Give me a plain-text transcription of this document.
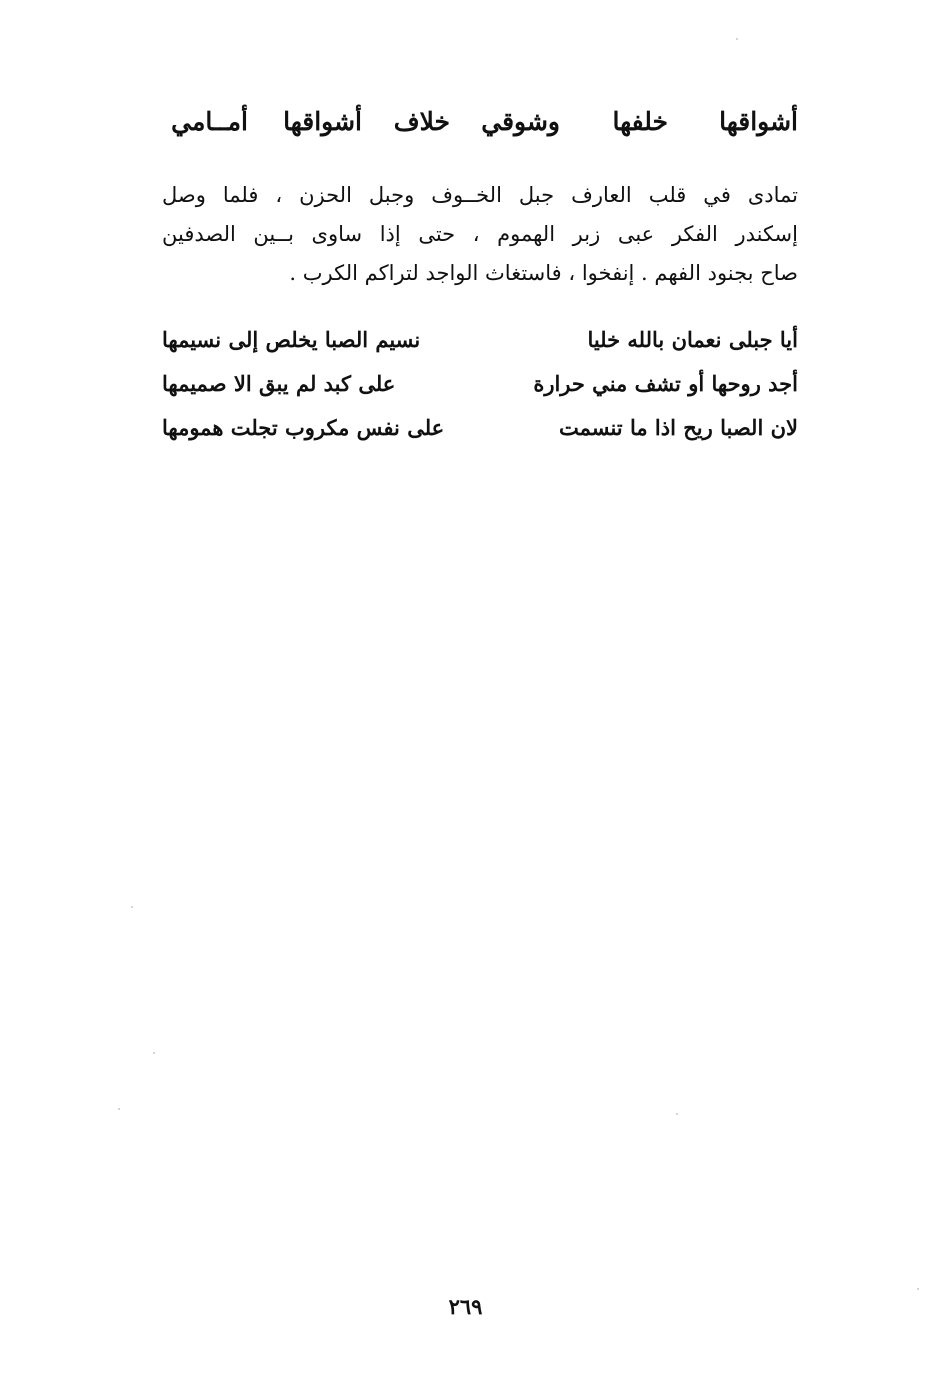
أشواقها
خلفها
وشوقي
خلاف
أشواقها
أمــامي
تمادى في قلب العارف جبل الخــوف وجبل الحزن ، فلما وصل
إسكندر الفكر عبى زبر الهموم ، حتى إذا ساوى بــين الصدفين
صاح بجنود الفهم . إنفخوا ، فاستغاث الواجد لتراكم الكرب .
أيا جبلى نعمان بالله خليا
نسيم الصبا يخلص إلى نسيمها
أجد روحها أو تشف مني حرارة
على كبد لم يبق الا صميمها
لان الصبا ريح اذا ما تنسمت
على نفس مكروب تجلت همومها
٢٦٩
